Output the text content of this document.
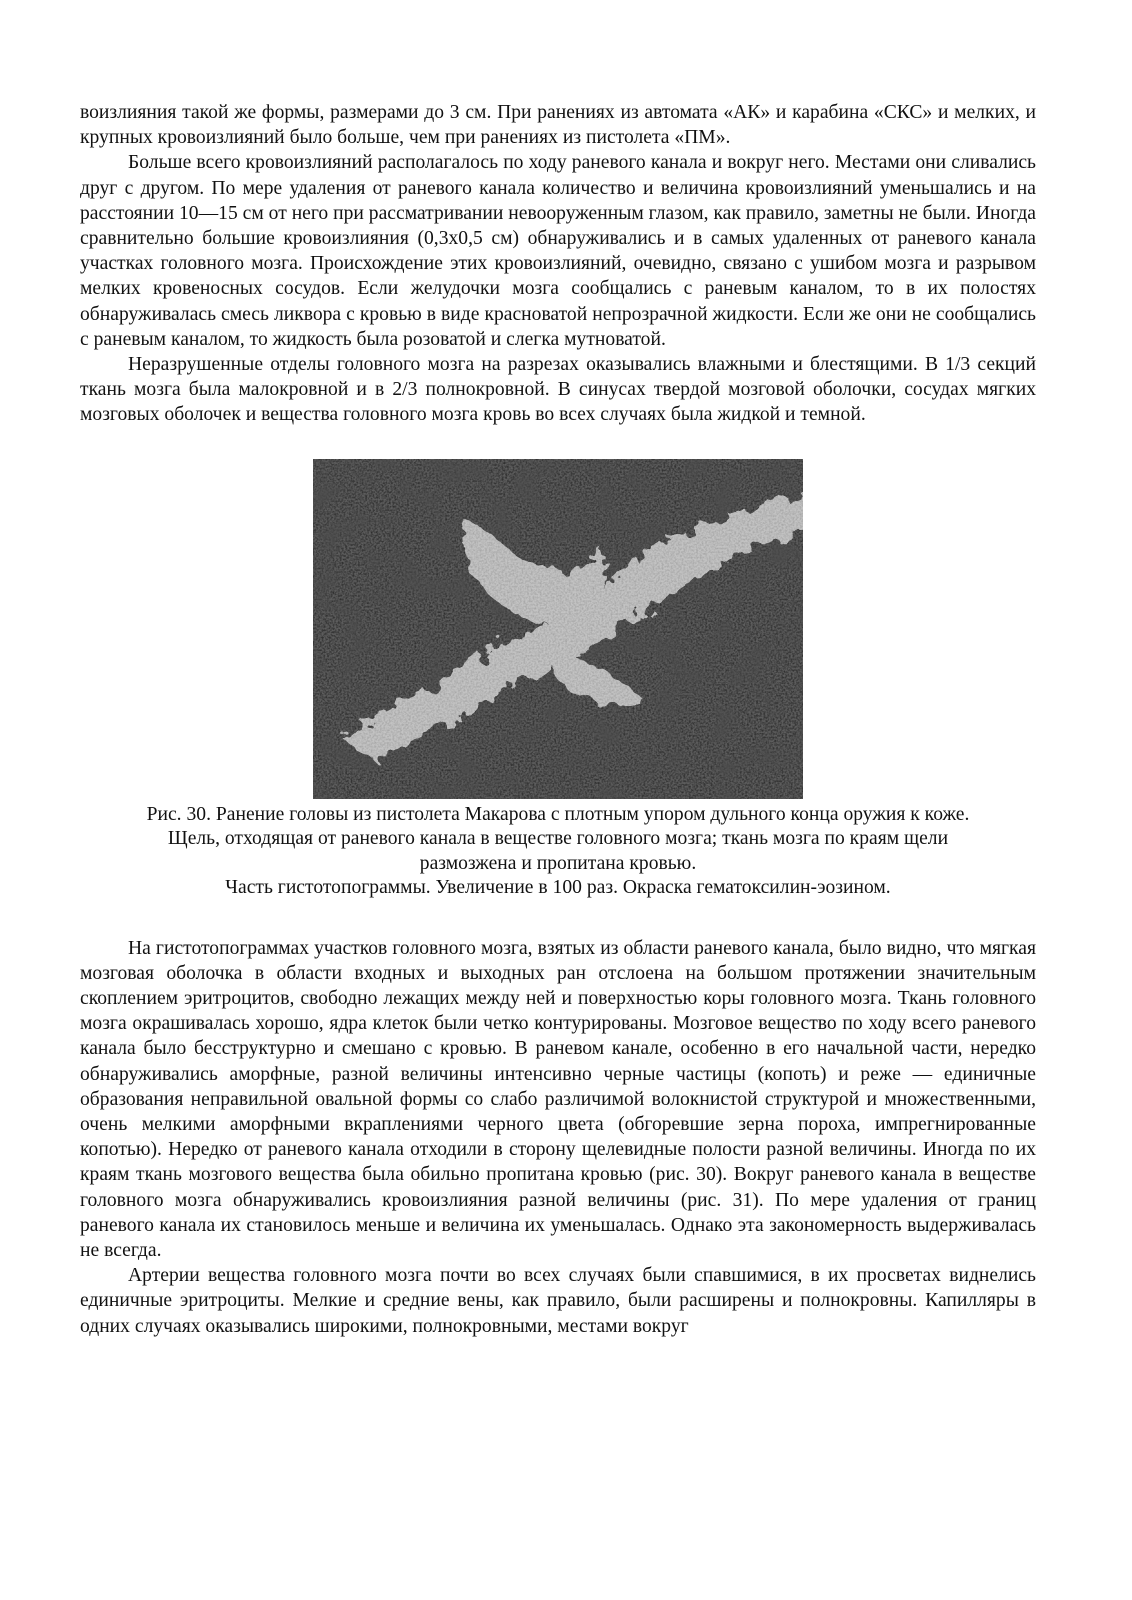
воизлияния такой же формы, размерами до 3 см. При ранениях из автомата «АК» и карабина «СКС» и мелких, и крупных кровоизлияний было больше, чем при ранениях из пистолета «ПМ».

Больше всего кровоизлияний располагалось по ходу раневого канала и вокруг него. Местами они сливались друг с другом. По мере удаления от раневого канала количество и величина кровоизлияний уменьшались и на расстоянии 10—15 см от него при рассматривании невооруженным глазом, как правило, заметны не были. Иногда сравнительно большие кровоизлияния (0,3х0,5 см) обнаруживались и в самых удаленных от раневого канала участках головного мозга. Происхождение этих кровоизлияний, очевидно, связано с ушибом мозга и разрывом мелких кровеносных сосудов. Если желудочки мозга сообщались с раневым каналом, то в их полостях обнаруживалась смесь ликвора с кровью в виде красноватой непрозрачной жидкости. Если же они не сообщались с раневым каналом, то жидкость была розоватой и слегка мутноватой.

Неразрушенные отделы головного мозга на разрезах оказывались влажными и блестящими. В 1/3 секций ткань мозга была малокровной и в 2/3 полнокровной. В синусах твердой мозговой оболочки, сосудах мягких мозговых оболочек и вещества головного мозга кровь во всех случаях была жидкой и темной.

Рис. 30. Ранение головы из пистолета Макарова с плотным упором дульного конца оружия к коже.
Щель, отходящая от раневого канала в веществе головного мозга; ткань мозга по краям щели размозжена и пропитана кровью.
Часть гистотопограммы. Увеличение в 100 раз. Окраска гематоксилин-эозином.

На гистотопограммах участков головного мозга, взятых из области раневого канала, было видно, что мягкая мозговая оболочка в области входных и выходных ран отслоена на большом протяжении значительным скоплением эритроцитов, свободно лежащих между ней и поверхностью коры головного мозга. Ткань головного мозга окрашивалась хорошо, ядра клеток были четко контурированы. Мозговое вещество по ходу всего раневого канала было бесструктурно и смешано с кровью. В раневом канале, особенно в его начальной части, нередко обнаруживались аморфные, разной величины интенсивно черные частицы (копоть) и реже — единичные образования неправильной овальной формы со слабо различимой волокнистой структурой и множественными, очень мелкими аморфными вкраплениями черного цвета (обгоревшие зерна пороха, импрегнированные копотью). Нередко от раневого канала отходили в сторону щелевидные полости разной величины. Иногда по их краям ткань мозгового вещества была обильно пропитана кровью (рис. 30). Вокруг раневого канала в веществе головного мозга обнаруживались кровоизлияния разной величины (рис. 31). По мере удаления от границ раневого канала их становилось меньше и величина их уменьшалась. Однако эта закономерность выдерживалась не всегда.

Артерии вещества головного мозга почти во всех случаях были спавшимися, в их просветах виднелись единичные эритроциты. Мелкие и средние вены, как правило, были расширены и полнокровны. Капилляры в одних случаях оказывались широкими, полнокровными, местами вокруг
